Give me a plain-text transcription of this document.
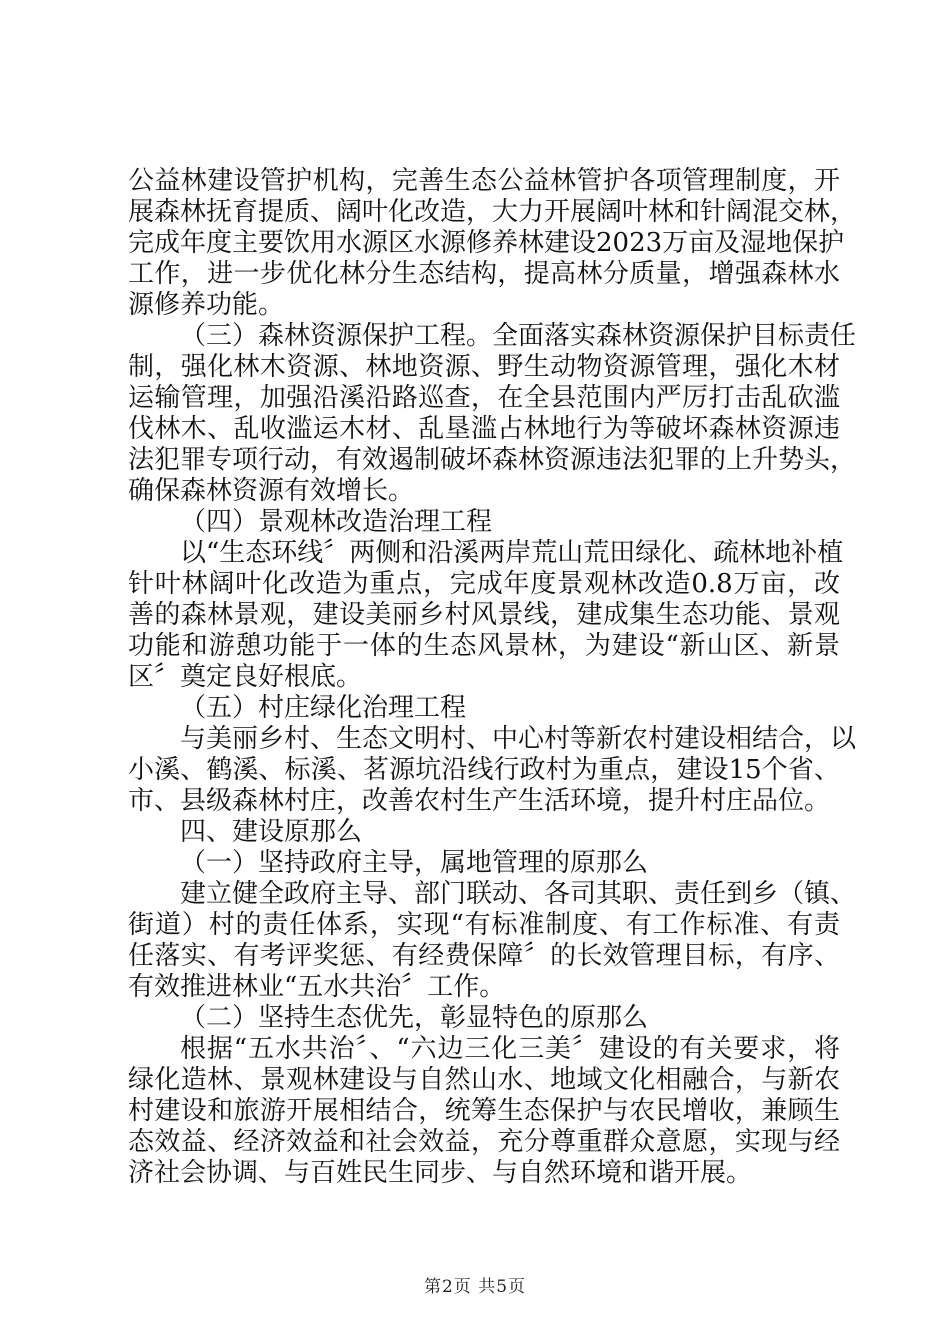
公益林建设管护机构，完善生态公益林管护各项管理制度，开
展森林抚育提质、阔叶化改造，大力开展阔叶林和针阔混交林，
完成年度主要饮用水源区水源修养林建设2023万亩及湿地保护
工作，进一步优化林分生态结构，提高林分质量，增强森林水
源修养功能。
（三）森林资源保护工程。全面落实森林资源保护目标责任
制，强化林木资源、林地资源、野生动物资源管理，强化木材
运输管理，加强沿溪沿路巡查，在全县范围内严厉打击乱砍滥
伐林木、乱收滥运木材、乱垦滥占林地行为等破坏森林资源违
法犯罪专项行动，有效遏制破坏森林资源违法犯罪的上升势头，
确保森林资源有效增长。
（四）景观林改造治理工程
以“生态环线〞两侧和沿溪两岸荒山荒田绿化、疏林地补植
针叶林阔叶化改造为重点，完成年度景观林改造0.8万亩，改
善的森林景观，建设美丽乡村风景线，建成集生态功能、景观
功能和游憩功能于一体的生态风景林，为建设“新山区、新景
区〞奠定良好根底。
（五）村庄绿化治理工程
与美丽乡村、生态文明村、中心村等新农村建设相结合，以
小溪、鹤溪、标溪、茗源坑沿线行政村为重点，建设15个省、
市、县级森林村庄，改善农村生产生活环境，提升村庄品位。
四、建设原那么
（一）坚持政府主导，属地管理的原那么
建立健全政府主导、部门联动、各司其职、责任到乡（镇、
街道）村的责任体系，实现“有标准制度、有工作标准、有责
任落实、有考评奖惩、有经费保障〞的长效管理目标，有序、
有效推进林业“五水共治〞工作。
（二）坚持生态优先，彰显特色的原那么
根据“五水共治〞、“六边三化三美〞建设的有关要求，将
绿化造林、景观林建设与自然山水、地域文化相融合，与新农
村建设和旅游开展相结合，统筹生态保护与农民增收，兼顾生
态效益、经济效益和社会效益，充分尊重群众意愿，实现与经
济社会协调、与百姓民生同步、与自然环境和谐开展。
第2页 共5页
